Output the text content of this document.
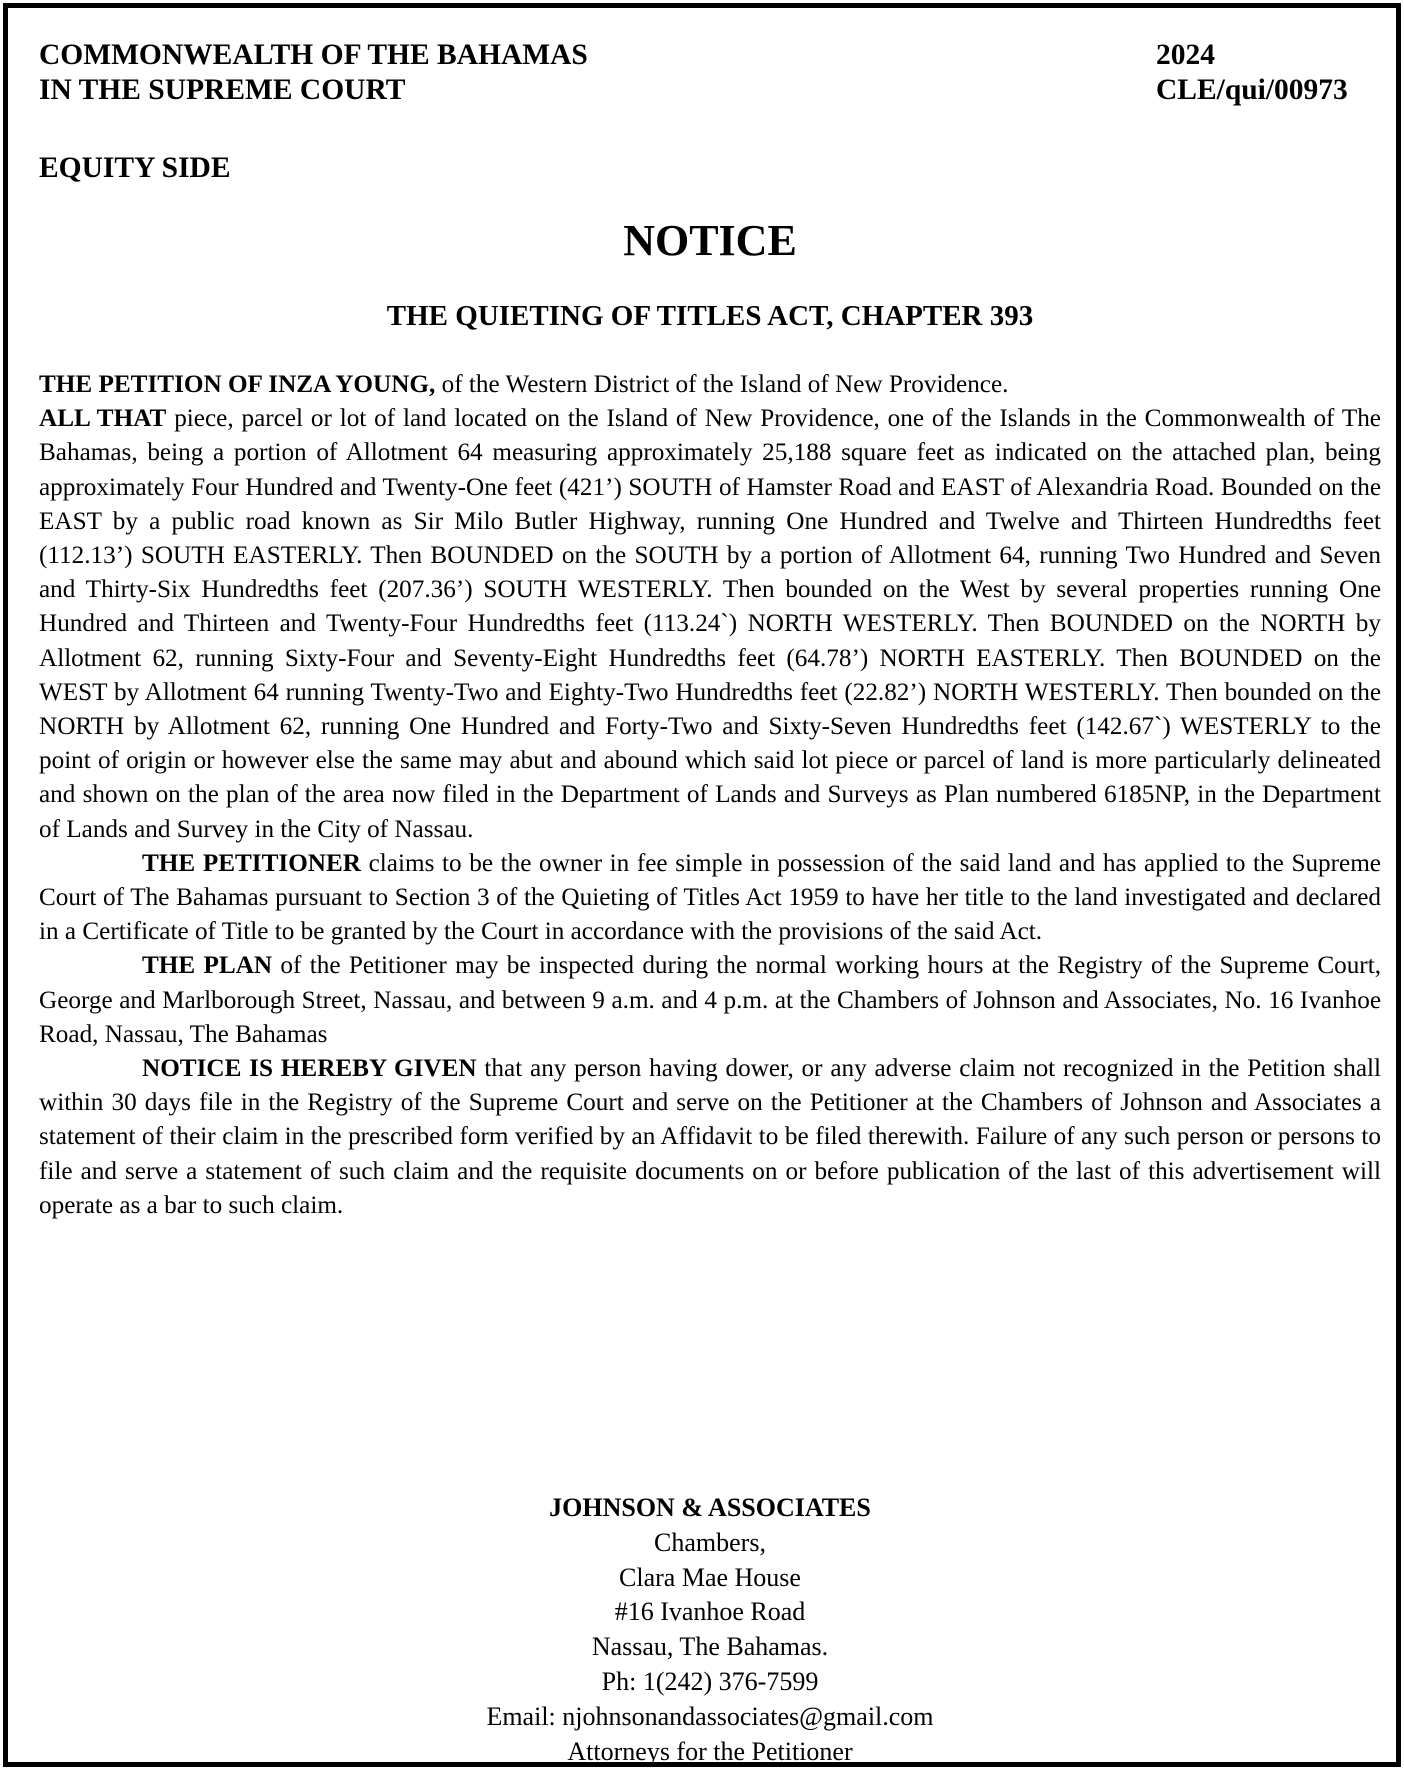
COMMONWEALTH OF THE BAHAMAS
IN THE SUPREME COURT
2024
CLE/qui/00973
EQUITY SIDE
NOTICE
THE QUIETING OF TITLES ACT, CHAPTER 393

THE PETITION OF INZA YOUNG, of the Western District of the Island of New Providence.

ALL THAT piece, parcel or lot of land located on the Island of New Providence, one of the Islands in the Commonwealth of The Bahamas, being a portion of Allotment 64 measuring approximately 25,188 square feet as indicated on the attached plan, being approximately Four Hundred and Twenty-One feet (421’) SOUTH of Hamster Road and EAST of Alexandria Road. Bounded on the EAST by a public road known as Sir Milo Butler Highway, running One Hundred and Twelve and Thirteen Hundredths feet (112.13’) SOUTH EASTERLY. Then BOUNDED on the SOUTH by a portion of Allotment 64, running Two Hundred and Seven and Thirty-Six Hundredths feet (207.36’) SOUTH WESTERLY. Then bounded on the West by several properties running One Hundred and Thirteen and Twenty-Four Hundredths feet (113.24`) NORTH WESTERLY. Then BOUNDED on the NORTH by Allotment 62, running Sixty-Four and Seventy-Eight Hundredths feet (64.78’) NORTH EASTERLY. Then BOUNDED on the WEST by Allotment 64 running Twenty-Two and Eighty-Two Hundredths feet (22.82’) NORTH WESTERLY. Then bounded on the NORTH by Allotment 62, running One Hundred and Forty-Two and Sixty-Seven Hundredths feet (142.67`) WESTERLY to the point of origin or however else the same may abut and abound which said lot piece or parcel of land is more particularly delineated and shown on the plan of the area now filed in the Department of Lands and Surveys as Plan numbered 6185NP, in the Department of Lands and Survey in the City of Nassau.

THE PETITIONER claims to be the owner in fee simple in possession of the said land and has applied to the Supreme Court of The Bahamas pursuant to Section 3 of the Quieting of Titles Act 1959 to have her title to the land investigated and declared in a Certificate of Title to be granted by the Court in accordance with the provisions of the said Act.

THE PLAN of the Petitioner may be inspected during the normal working hours at the Registry of the Supreme Court, George and Marlborough Street, Nassau, and between 9 a.m. and 4 p.m. at the Chambers of Johnson and Associates, No. 16 Ivanhoe Road, Nassau, The Bahamas

NOTICE IS HEREBY GIVEN that any person having dower, or any adverse claim not recognized in the Petition shall within 30 days file in the Registry of the Supreme Court and serve on the Petitioner at the Chambers of Johnson and Associates a statement of their claim in the prescribed form verified by an Affidavit to be filed therewith. Failure of any such person or persons to file and serve a statement of such claim and the requisite documents on or before publication of the last of this advertisement will operate as a bar to such claim.

JOHNSON & ASSOCIATES
Chambers,
Clara Mae House
#16 Ivanhoe Road
Nassau, The Bahamas.
Ph: 1(242) 376-7599
Email: njohnsonandassociates@gmail.com
Attorneys for the Petitioner
